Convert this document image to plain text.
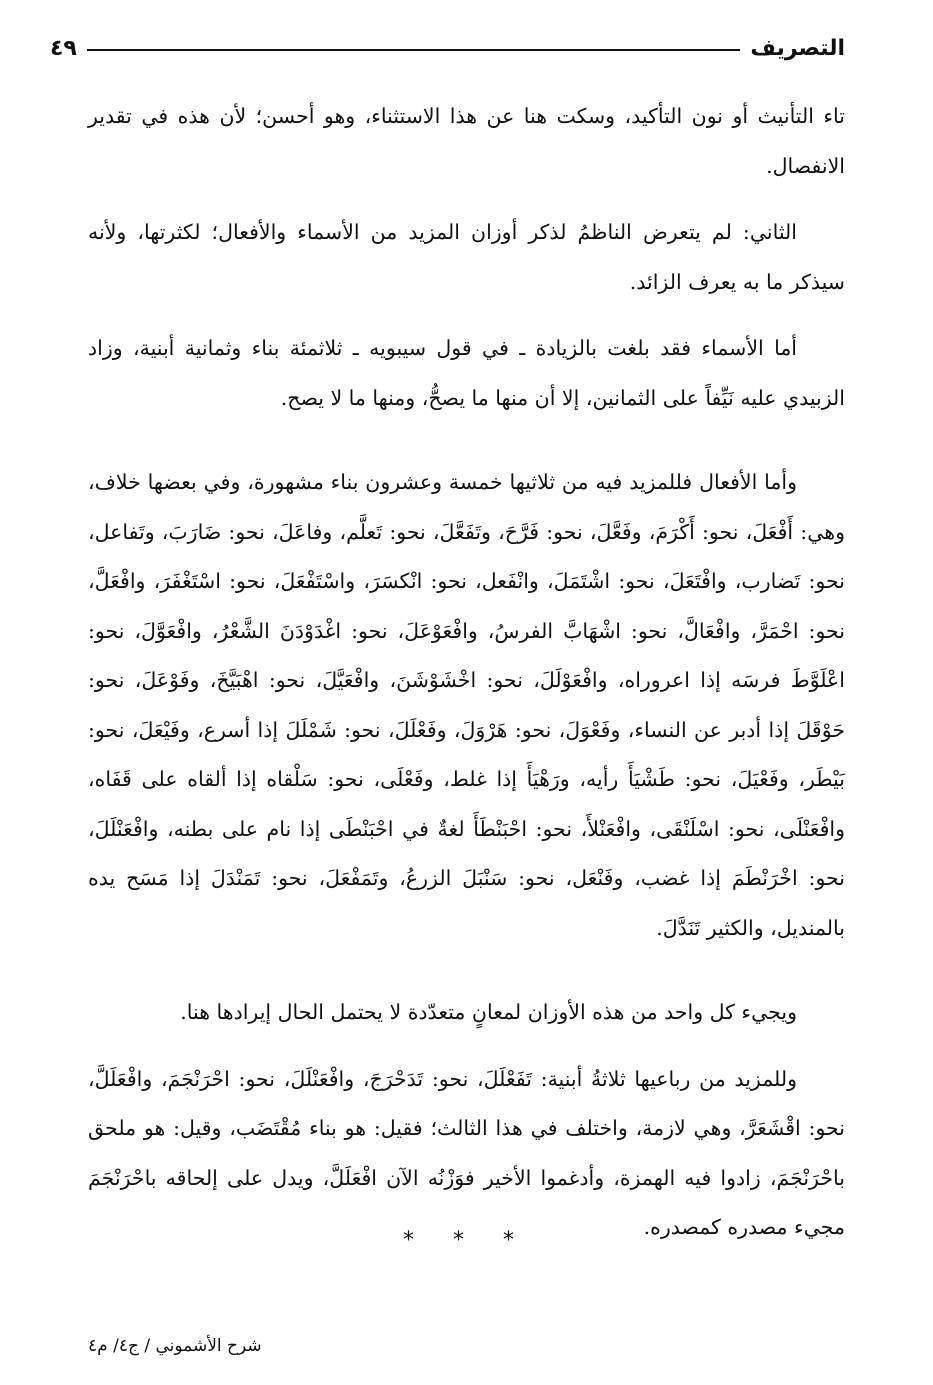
التصريف
٤٩

تاء التأنيث أو نون التأكيد، وسكت هنا عن هذا الاستثناء، وهو أحسن؛ لأن هذه في تقدير الانفصال.

الثاني: لم يتعرض الناظمُ لذكر أوزان المزيد من الأسماء والأفعال؛ لكثرتها، ولأنه سيذكر ما به يعرف الزائد.

أما الأسماء فقد بلغت بالزيادة ـ في قول سيبويه ـ ثلاثمئة بناء وثمانية أبنية، وزاد الزبيدي عليه نَيِّفاً على الثمانين، إلا أن منها ما يصحُّ، ومنها ما لا يصح.

وأما الأفعال فللمزيد فيه من ثلاثيها خمسة وعشرون بناء مشهورة، وفي بعضها خلاف، وهي: أَفْعَلَ، نحو: أَكْرَمَ، وفَعَّلَ، نحو: فَرَّحَ، وتَفَعَّلَ، نحو: تَعلَّم، وفاعَلَ، نحو: ضَارَبَ، وتَفاعل، نحو: تَضارب، وافْتَعَلَ، نحو: اشْتَمَلَ، وانْفَعل، نحو: انْكسَرَ، واسْتَفْعَلَ، نحو: اسْتَغْفَرَ، وافْعَلَّ، نحو: احْمَرَّ، وافْعَالَّ، نحو: اشْهَابَّ الفرسُ، وافْعَوْعَلَ، نحو: اغْدَوْدَنَ الشَّعْرُ، وافْعَوَّلَ، نحو: اعْلَوَّطَ فرسَه إذا اعروراه، وافْعَوْلَلَ، نحو: اخْشَوْشَنَ، وافْعَيَّلَ، نحو: اهْبَيَّخَ، وفَوْعَلَ، نحو: حَوْقَلَ إذا أدبر عن النساء، وفَعْوَلَ، نحو: هَرْوَلَ، وفَعْلَلَ، نحو: شَمْلَلَ إذا أسرع، وفَيْعَلَ، نحو: بَيْطَر، وفَعْيَلَ، نحو: طَشْيَأَ رأيه، ورَهْيَأَ إذا غلط، وفَعْلَى، نحو: سَلْقاه إذا ألقاه على قَفَاه، وافْعَنْلَى، نحو: اسْلَنْقَى، وافْعَنْلأَ، نحو: احْبَنْطَأَ لغةٌ في احْبَنْطَى إذا نام على بطنه، وافْعَنْلَلَ، نحو: اخْرَنْطَمَ إذا غضب، وفَنْعَل، نحو: سَنْبَلَ الزرعُ، وتَمَفْعَلَ، نحو: تَمَنْدَلَ إذا مَسَح يده بالمنديل، والكثير تَنَدَّلَ.

ويجيء كل واحد من هذه الأوزان لمعانٍ متعدّدة لا يحتمل الحال إيرادها هنا.

وللمزيد من رباعيها ثلاثةُ أبنية: تَفَعْلَلَ، نحو: تَدَحْرَجَ، وافْعَنْلَلَ، نحو: احْرَنْجَمَ، وافْعَلَلَّ، نحو: اقْشَعَرَّ، وهي لازمة، واختلف في هذا الثالث؛ فقيل: هو بناء مُقْتَضَب، وقيل: هو ملحق باحْرَنْجَمَ، زادوا فيه الهمزة، وأدغموا الأخير فوَزْنُه الآن افْعَلَلَّ، ويدل على إلحاقه باحْرَنْجَمَ مجيء مصدره كمصدره.

* * *
شرح الأشموني / ج٤/ م٤
